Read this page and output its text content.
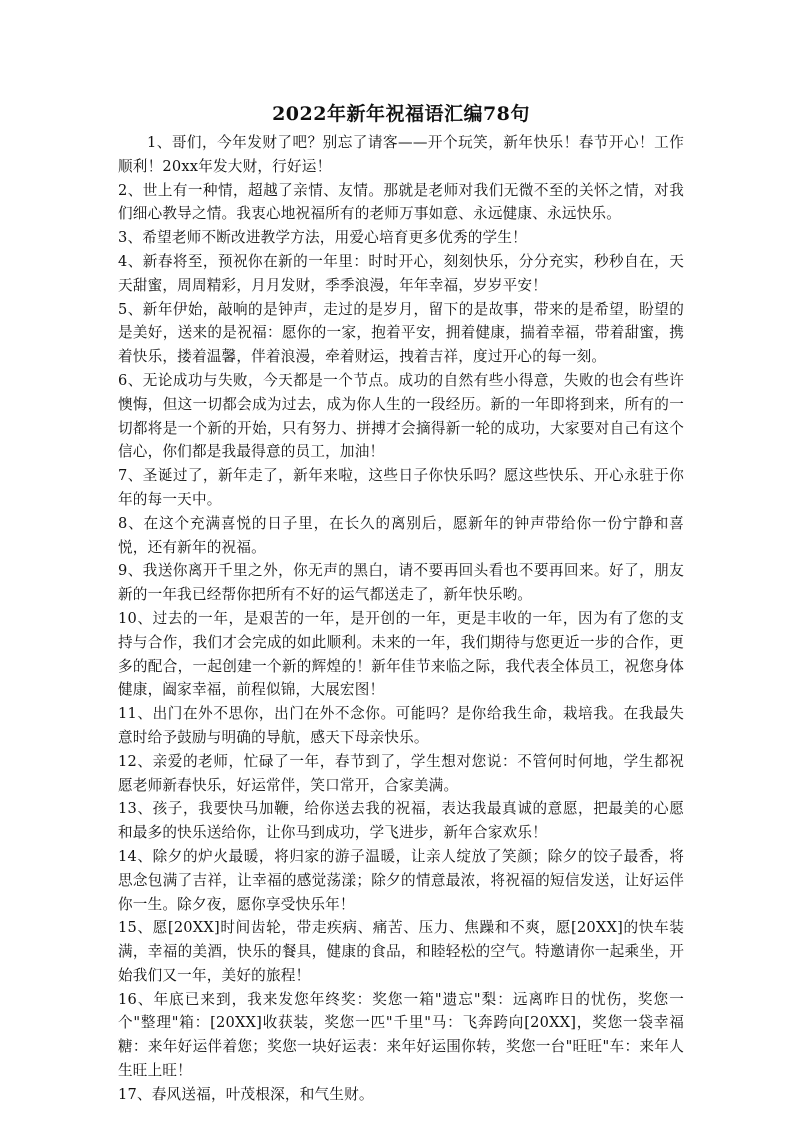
2022年新年祝福语汇编78句

1、哥们，今年发财了吧？别忘了请客——开个玩笑，新年快乐！春节开心！工作顺利！20xx年发大财，行好运！

2、世上有一种情，超越了亲情、友情。那就是老师对我们无微不至的关怀之情，对我们细心教导之情。我衷心地祝福所有的老师万事如意、永远健康、永远快乐。

3、希望老师不断改进教学方法，用爱心培育更多优秀的学生！

4、新春将至，预祝你在新的一年里：时时开心，刻刻快乐，分分充实，秒秒自在，天天甜蜜，周周精彩，月月发财，季季浪漫，年年幸福，岁岁平安！

5、新年伊始，敲响的是钟声，走过的是岁月，留下的是故事，带来的是希望，盼望的是美好，送来的是祝福：愿你的一家，抱着平安，拥着健康，揣着幸福，带着甜蜜，携着快乐，搂着温馨，伴着浪漫，牵着财运，拽着吉祥，度过开心的每一刻。

6、无论成功与失败，今天都是一个节点。成功的自然有些小得意，失败的也会有些许懊悔，但这一切都会成为过去，成为你人生的一段经历。新的一年即将到来，所有的一切都将是一个新的开始，只有努力、拼搏才会摘得新一轮的成功，大家要对自己有这个信心，你们都是我最得意的员工，加油！

7、圣诞过了，新年走了，新年来啦，这些日子你快乐吗？愿这些快乐、开心永驻于你年的每一天中。

8、在这个充满喜悦的日子里，在长久的离别后，愿新年的钟声带给你一份宁静和喜悦，还有新年的祝福。

9、我送你离开千里之外，你无声的黑白，请不要再回头看也不要再回来。好了，朋友新的一年我已经帮你把所有不好的运气都送走了，新年快乐哟。

10、过去的一年，是艰苦的一年，是开创的一年，更是丰收的一年，因为有了您的支持与合作，我们才会完成的如此顺利。未来的一年，我们期待与您更近一步的合作，更多的配合，一起创建一个新的辉煌的！新年佳节来临之际，我代表全体员工，祝您身体健康，阖家幸福，前程似锦，大展宏图！

11、出门在外不思你，出门在外不念你。可能吗？是你给我生命，栽培我。在我最失意时给予鼓励与明确的导航，感天下母亲快乐。

12、亲爱的老师，忙碌了一年，春节到了，学生想对您说：不管何时何地，学生都祝愿老师新春快乐，好运常伴，笑口常开，合家美满。

13、孩子，我要快马加鞭，给你送去我的祝福，表达我最真诚的意愿，把最美的心愿和最多的快乐送给你，让你马到成功，学飞进步，新年合家欢乐！

14、除夕的炉火最暖，将归家的游子温暖，让亲人绽放了笑颜；除夕的饺子最香，将思念包满了吉祥，让幸福的感觉荡漾；除夕的情意最浓，将祝福的短信发送，让好运伴你一生。除夕夜，愿你享受快乐年！

15、愿[20XX]时间齿轮，带走疾病、痛苦、压力、焦躁和不爽，愿[20XX]的快车装满，幸福的美酒，快乐的餐具，健康的食品，和睦轻松的空气。特邀请你一起乘坐，开始我们又一年，美好的旅程！

16、年底已来到，我来发您年终奖：奖您一箱"遗忘"梨：远离昨日的忧伤，奖您一个"整理"箱：[20XX]收获装，奖您一匹"千里"马：飞奔跨向[20XX]，奖您一袋幸福糖：来年好运伴着您；奖您一块好运表：来年好运围你转，奖您一台"旺旺"车：来年人生旺上旺！

17、春风送福，叶茂根深，和气生财。
